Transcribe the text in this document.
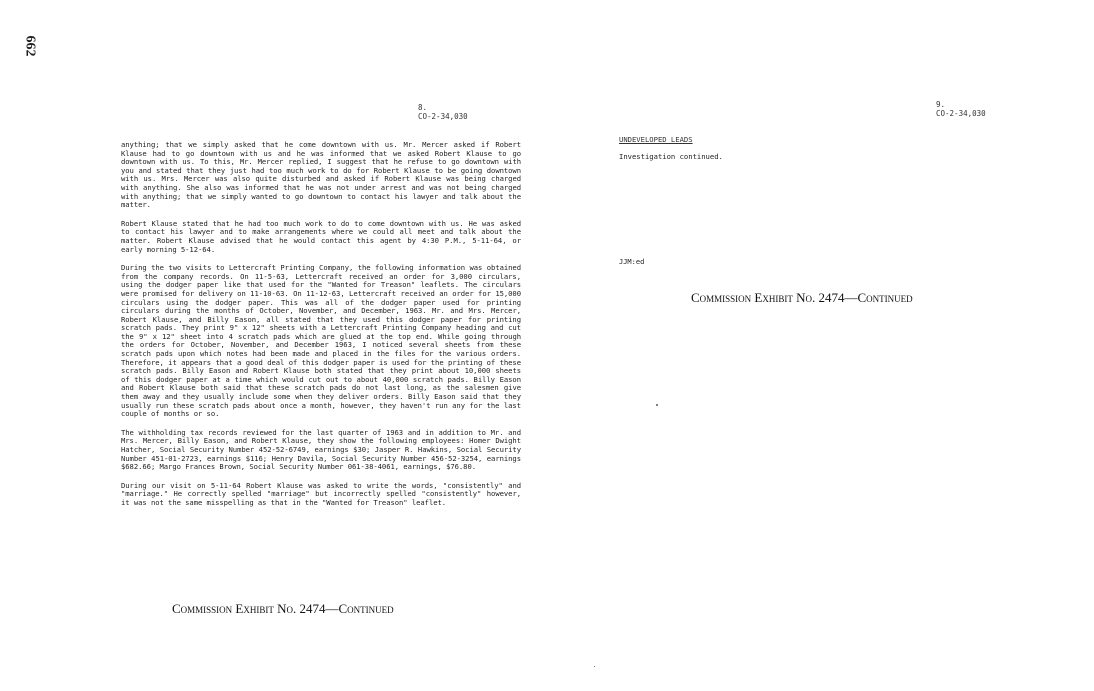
662
8.
CO-2-34,030
9.
CO-2-34,030

anything; that we simply asked that he come downtown with us. Mr. Mercer asked if Robert Klause had to go downtown with us and he was informed that we asked Robert Klause to go downtown with us. To this, Mr. Mercer replied, I suggest that he refuse to go downtown with you and stated that they just had too much work to do for Robert Klause to be going downtown with us. Mrs. Mercer was also quite disturbed and asked if Robert Klause was being charged with anything. She also was informed that he was not under arrest and was not being charged with anything; that we simply wanted to go downtown to contact his lawyer and talk about the matter.

Robert Klause stated that he had too much work to do to come downtown with us. He was asked to contact his lawyer and to make arrangements where we could all meet and talk about the matter. Robert Klause advised that he would contact this agent by 4:30 P.M., 5-11-64, or early morning 5-12-64.

During the two visits to Lettercraft Printing Company, the following information was obtained from the company records. On 11-5-63, Lettercraft received an order for 3,000 circulars, using the dodger paper like that used for the "Wanted for Treason" leaflets. The circulars were promised for delivery on 11-10-63. On 11-12-63, Lettercraft received an order for 15,000 circulars using the dodger paper. This was all of the dodger paper used for printing circulars during the months of October, November, and December, 1963. Mr. and Mrs. Mercer, Robert Klause, and Billy Eason, all stated that they used this dodger paper for printing scratch pads. They print 9" x 12" sheets with a Lettercraft Printing Company heading and cut the 9" x 12" sheet into 4 scratch pads which are glued at the top end. While going through the orders for October, November, and December 1963, I noticed several sheets from these scratch pads upon which notes had been made and placed in the files for the various orders. Therefore, it appears that a good deal of this dodger paper is used for the printing of these scratch pads. Billy Eason and Robert Klause both stated that they print about 10,000 sheets of this dodger paper at a time which would cut out to about 40,000 scratch pads. Billy Eason and Robert Klause both said that these scratch pads do not last long, as the salesmen give them away and they usually include some when they deliver orders. Billy Eason said that they usually run these scratch pads about once a month, however, they haven't run any for the last couple of months or so.

The withholding tax records reviewed for the last quarter of 1963 and in addition to Mr. and Mrs. Mercer, Billy Eason, and Robert Klause, they show the following employees: Homer Dwight Hatcher, Social Security Number 452-52-6749, earnings $30; Jasper R. Hawkins, Social Security Number 451-01-2723, earnings $116; Henry Davila, Social Security Number 456-52-3254, earnings $682.66; Margo Frances Brown, Social Security Number 061-38-4061, earnings, $76.80.

During our visit on 5-11-64 Robert Klause was asked to write the words, "consistently" and "marriage." He correctly spelled "marriage" but incorrectly spelled "consistently" however, it was not the same misspelling as that in the "Wanted for Treason" leaflet.

UNDEVELOPED LEADS
Investigation continued.
JJM:ed
Commission Exhibit No. 2474—Continued
Commission Exhibit No. 2474—Continued
